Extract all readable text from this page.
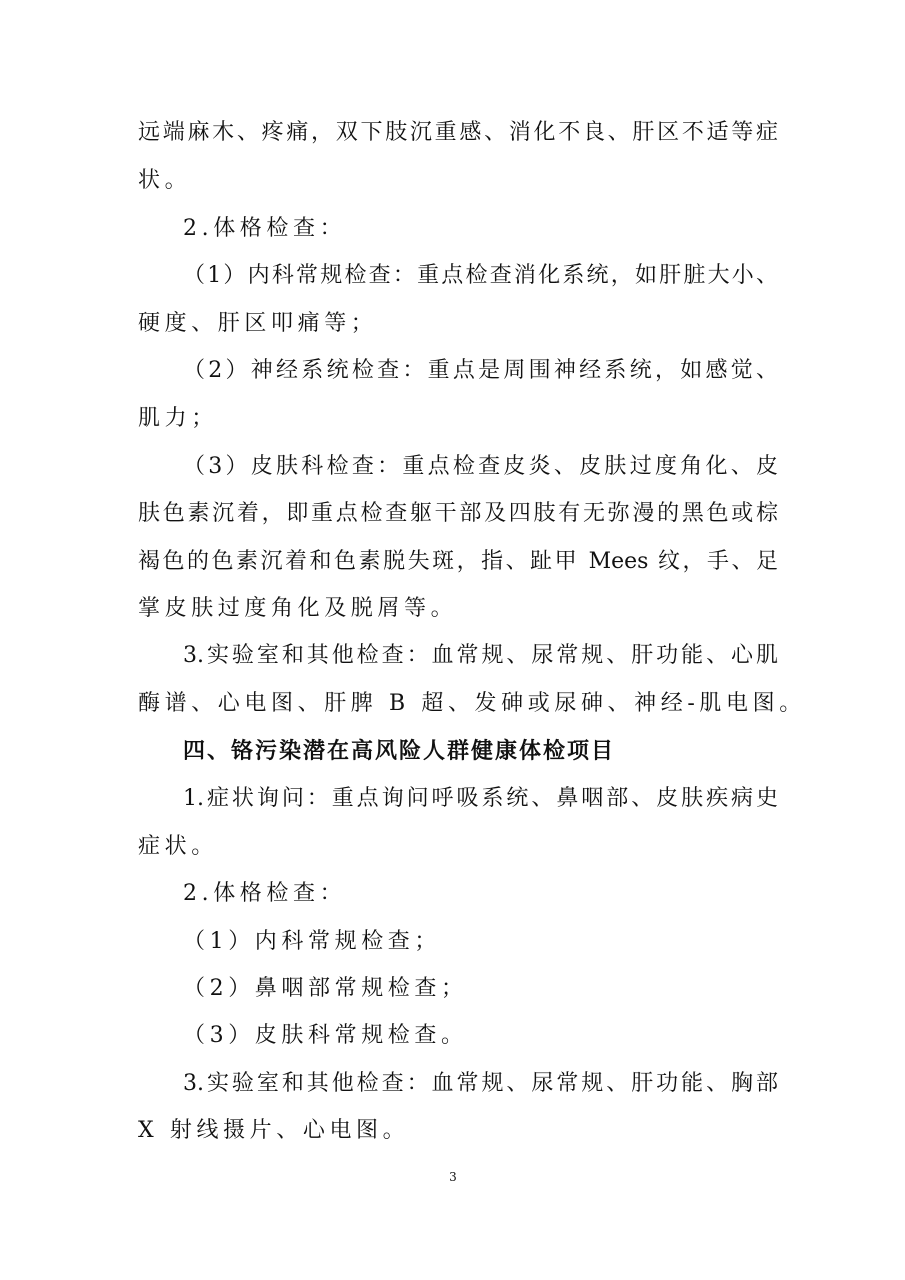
远端麻木、疼痛，双下肢沉重感、消化不良、肝区不适等症
状。
2.体格检查：
（1）内科常规检查：重点检查消化系统，如肝脏大小、
硬度、肝区叩痛等；
（2）神经系统检查：重点是周围神经系统，如感觉、
肌力；
（3）皮肤科检查：重点检查皮炎、皮肤过度角化、皮
肤色素沉着，即重点检查躯干部及四肢有无弥漫的黑色或棕
褐色的色素沉着和色素脱失斑，指、趾甲 Mees 纹，手、足
掌皮肤过度角化及脱屑等。
3.实验室和其他检查：血常规、尿常规、肝功能、心肌
酶谱、心电图、肝脾 B 超、发砷或尿砷、神经-肌电图。
四、铬污染潜在高风险人群健康体检项目
1.症状询问：重点询问呼吸系统、鼻咽部、皮肤疾病史
症状。
2.体格检查：
（1）内科常规检查；
（2）鼻咽部常规检查；
（3）皮肤科常规检查。
3.实验室和其他检查：血常规、尿常规、肝功能、胸部
X 射线摄片、心电图。
3
